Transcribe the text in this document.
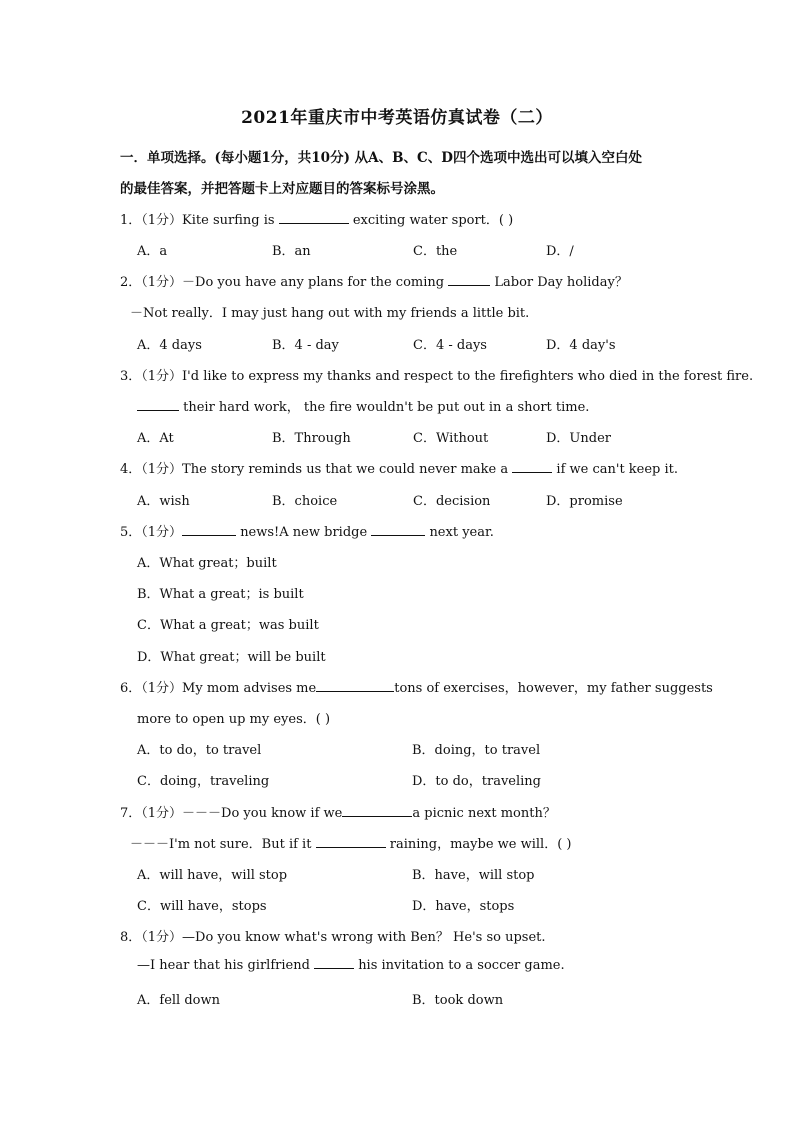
2021年重庆市中考英语仿真试卷（二）
一．单项选择。(每小题1分，共10分) 从A、B、C、D四个选项中选出可以填入空白处
的最佳答案，并把答题卡上对应题目的答案标号涂黑。
1．（1分）Kite surfing is	exciting water sport．( )
A．a	B．an	C．the	D．/
2．（1分）－Do you have any plans for the coming	Labor Day holiday？
－Not really．I may just hang out with my friends a little bit.
A．4 days	B．4 - day	C．4 - days	D．4 day's
3．（1分）I'd like to express my thanks and respect to the firefighters who died in the forest fire.
their hard work， the fire wouldn't be put out in a short time.
A．At	B．Through	C．Without	D．Under
4．（1分）The story reminds us that we could never make a	if we can't keep it.
A．wish	B．choice	C．decision	D．promise
5．（1分）	news!A new bridge	next year.
A．What great；built
B．What a great；is built
C．What a great；was built
D．What great；will be built
6．（1分）My mom advises me	tons of exercises，however，my father suggests
more to open up my eyes．( )
A．to do，to travel	B．doing，to travel
C．doing，traveling	D．to do，traveling
7．（1分）－－－Do you know if we	a picnic next month？
－－－I'm not sure．But if it	raining，maybe we will．( )
A．will have，will stop	B．have，will stop
C．will have，stops	D．have，stops
8．（1分）—Do you know what's wrong with Ben？ He's so upset.
—I hear that his girlfriend	his invitation to a soccer game.
A．fell down	B．took down
